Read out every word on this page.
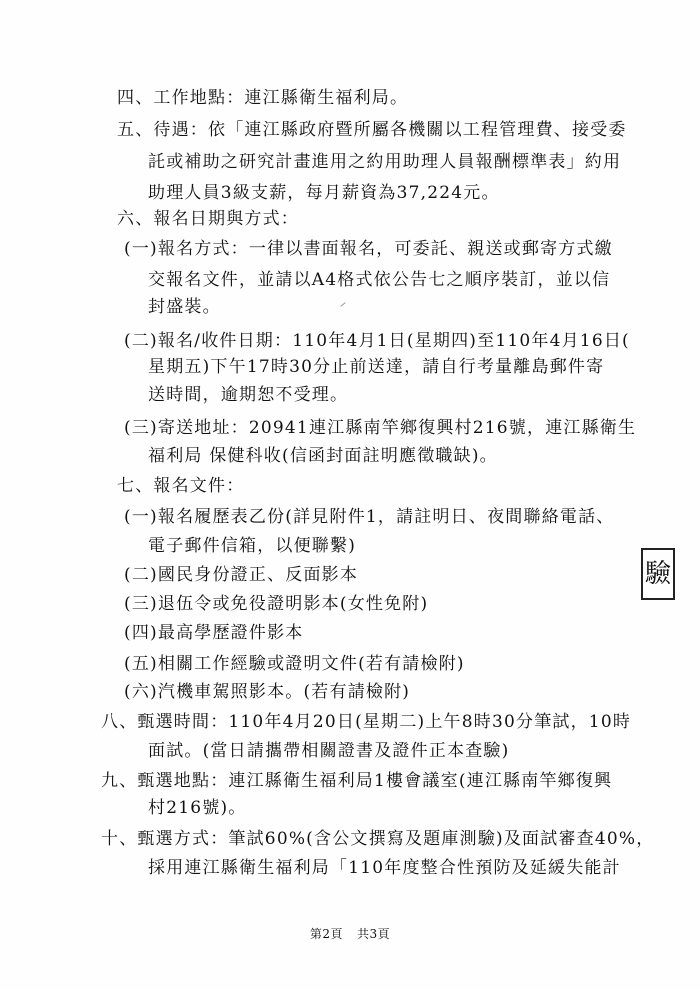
四、工作地點：連江縣衛生福利局。
五、待遇：依「連江縣政府暨所屬各機關以工程管理費、接受委
託或補助之研究計畫進用之約用助理人員報酬標準表」約用
助理人員3級支薪，每月薪資為37,224元。
六、報名日期與方式：
(一)報名方式：一律以書面報名，可委託、親送或郵寄方式繳
交報名文件，並請以A4格式依公告七之順序裝訂，並以信
封盛裝。
(二)報名/收件日期：110年4月1日(星期四)至110年4月16日(
星期五)下午17時30分止前送達，請自行考量離島郵件寄
送時間，逾期恕不受理。
(三)寄送地址：20941連江縣南竿鄉復興村216號，連江縣衛生
福利局 保健科收(信函封面註明應徵職缺)。
七、報名文件：
(一)報名履歷表乙份(詳見附件1，請註明日、夜間聯絡電話、
電子郵件信箱，以便聯繫)
(二)國民身份證正、反面影本
(三)退伍令或免役證明影本(女性免附)
(四)最高學歷證件影本
(五)相關工作經驗或證明文件(若有請檢附)
(六)汽機車駕照影本。(若有請檢附)
八、甄選時間：110年4月20日(星期二)上午8時30分筆試，10時
面試。(當日請攜帶相關證書及證件正本查驗)
九、甄選地點：連江縣衛生福利局1樓會議室(連江縣南竿鄉復興
村216號)。
十、甄選方式：筆試60%(含公文撰寫及題庫測驗)及面試審查40%，
採用連江縣衛生福利局「110年度整合性預防及延緩失能計
驗
第2頁 共3頁
